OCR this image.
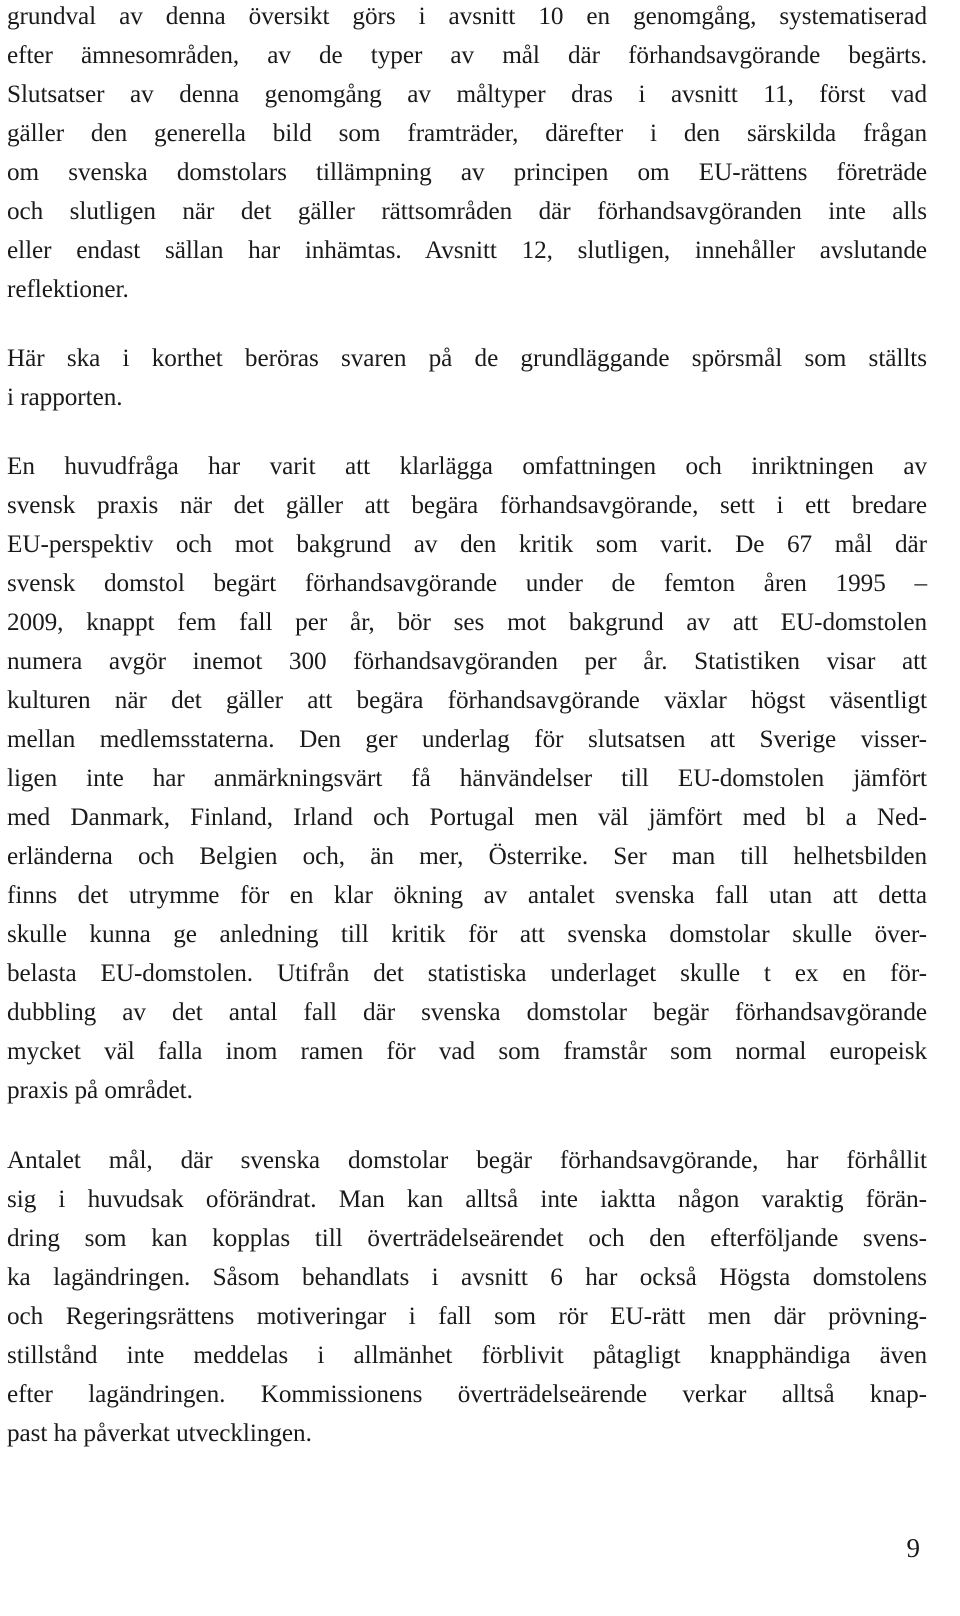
grundval av denna översikt görs i avsnitt 10 en genomgång, systematiserad
efter ämnesområden, av de typer av mål där förhandsavgörande begärts.
Slutsatser av denna genomgång av måltyper dras i avsnitt 11, först vad
gäller den generella bild som framträder, därefter i den särskilda frågan
om svenska domstolars tillämpning av principen om EU-rättens företräde
och slutligen när det gäller rättsområden där förhandsavgöranden inte alls
eller endast sällan har inhämtas. Avsnitt 12, slutligen, innehåller avslutande
reflektioner.
Här ska i korthet beröras svaren på de grundläggande spörsmål som ställts
i rapporten.
En huvudfråga har varit att klarlägga omfattningen och inriktningen av
svensk praxis när det gäller att begära förhandsavgörande, sett i ett bredare
EU-perspektiv och mot bakgrund av den kritik som varit. De 67 mål där
svensk domstol begärt förhandsavgörande under de femton åren 1995 –
2009, knappt fem fall per år, bör ses mot bakgrund av att EU-domstolen
numera avgör inemot 300 förhandsavgöranden per år. Statistiken visar att
kulturen när det gäller att begära förhandsavgörande växlar högst väsentligt
mellan medlemsstaterna. Den ger underlag för slutsatsen att Sverige visser-
ligen inte har anmärkningsvärt få hänvändelser till EU-domstolen jämfört
med Danmark, Finland, Irland och Portugal men väl jämfört med bl a Ned-
erländerna och Belgien och, än mer, Österrike. Ser man till helhetsbilden
finns det utrymme för en klar ökning av antalet svenska fall utan att detta
skulle kunna ge anledning till kritik för att svenska domstolar skulle över-
belasta EU-domstolen. Utifrån det statistiska underlaget skulle t ex en för-
dubbling av det antal fall där svenska domstolar begär förhandsavgörande
mycket väl falla inom ramen för vad som framstår som normal europeisk
praxis på området.
Antalet mål, där svenska domstolar begär förhandsavgörande, har förhållit
sig i huvudsak oförändrat. Man kan alltså inte iaktta någon varaktig förän-
dring som kan kopplas till överträdelseärendet och den efterföljande svens-
ka lagändringen. Såsom behandlats i avsnitt 6 har också Högsta domstolens
och Regeringsrättens motiveringar i fall som rör EU-rätt men där prövning-
stillstånd inte meddelas i allmänhet förblivit påtagligt knapphändiga även
efter lagändringen. Kommissionens överträdelseärende verkar alltså knap-
past ha påverkat utvecklingen.
9
